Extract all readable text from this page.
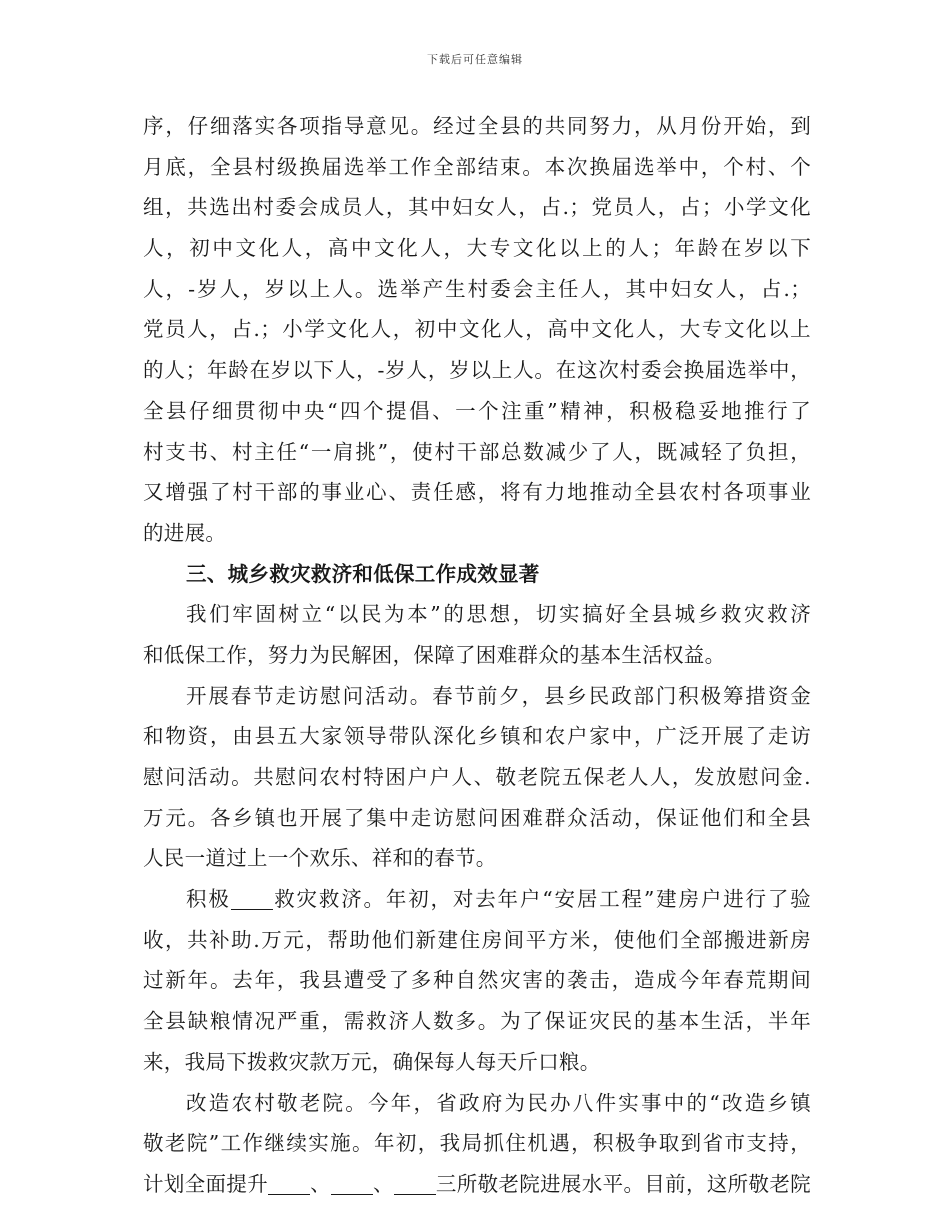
下载后可任意编辑
序，仔细落实各项指导意见。经过全县的共同努力，从月份开始，到
月底，全县村级换届选举工作全部结束。本次换届选举中，个村、个
组，共选出村委会成员人，其中妇女人，占.；党员人，占；小学文化
人，初中文化人，高中文化人，大专文化以上的人；年龄在岁以下
人，-岁人，岁以上人。选举产生村委会主任人，其中妇女人，占.；
党员人，占.；小学文化人，初中文化人，高中文化人，大专文化以上
的人；年龄在岁以下人，-岁人，岁以上人。在这次村委会换届选举中，
全县仔细贯彻中央“四个提倡、一个注重”精神，积极稳妥地推行了
村支书、村主任“一肩挑”，使村干部总数减少了人，既减轻了负担，
又增强了村干部的事业心、责任感，将有力地推动全县农村各项事业
的进展。
三、城乡救灾救济和低保工作成效显著
我们牢固树立“以民为本”的思想，切实搞好全县城乡救灾救济
和低保工作，努力为民解困，保障了困难群众的基本生活权益。
开展春节走访慰问活动。春节前夕，县乡民政部门积极筹措资金
和物资，由县五大家领导带队深化乡镇和农户家中，广泛开展了走访
慰问活动。共慰问农村特困户户人、敬老院五保老人人，发放慰问金.
万元。各乡镇也开展了集中走访慰问困难群众活动，保证他们和全县
人民一道过上一个欢乐、祥和的春节。
积极 救灾救济。年初，对去年户“安居工程”建房户进行了验
收，共补助.万元，帮助他们新建住房间平方米，使他们全部搬进新房
过新年。去年，我县遭受了多种自然灾害的袭击，造成今年春荒期间
全县缺粮情况严重，需救济人数多。为了保证灾民的基本生活，半年
来，我局下拨救灾款万元，确保每人每天斤口粮。
改造农村敬老院。今年，省政府为民办八件实事中的“改造乡镇
敬老院”工作继续实施。年初，我局抓住机遇，积极争取到省市支持，
计划全面提升 、 、 三所敬老院进展水平。目前，这所敬老院
